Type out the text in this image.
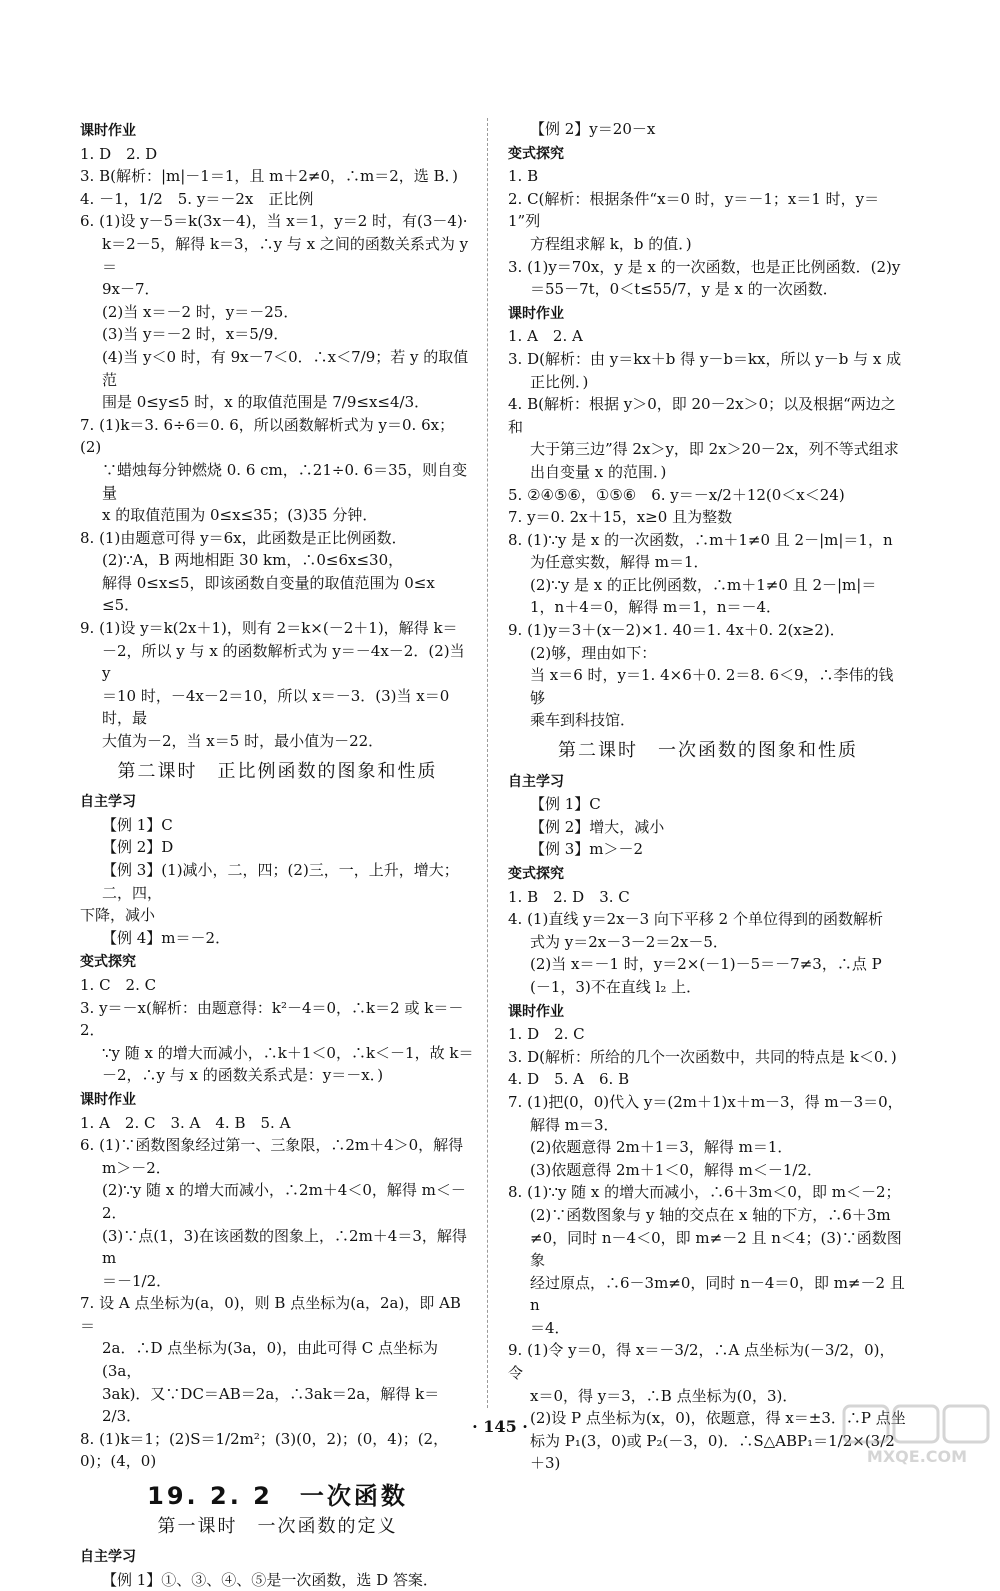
课时作业
1. D　2. D
3. B(解析：|m|－1＝1，且 m＋2≠0，∴m＝2，选 B．)
4. －1，1/2　5. y＝－2x　正比例
6. (1)设 y－5＝k(3x－4)，当 x＝1，y＝2 时，有(3－4)·
k＝2－5，解得 k＝3，∴y 与 x 之间的函数关系式为 y＝
9x－7．
(2)当 x＝－2 时，y＝－25．
(3)当 y＝－2 时，x＝5/9．
(4)当 y＜0 时，有 9x－7＜0．∴x＜7/9；若 y 的取值范
围是 0≤y≤5 时，x 的取值范围是 7/9≤x≤4/3．
7. (1)k＝3. 6÷6＝0. 6，所以函数解析式为 y＝0. 6x；(2)
∵蜡烛每分钟燃烧 0. 6 cm，∴21÷0. 6＝35，则自变量
x 的取值范围为 0≤x≤35；(3)35 分钟．
8. (1)由题意可得 y＝6x，此函数是正比例函数．
(2)∵A，B 两地相距 30 km，∴0≤6x≤30，
解得 0≤x≤5，即该函数自变量的取值范围为 0≤x
≤5．
9. (1)设 y＝k(2x＋1)，则有 2＝k×(－2＋1)，解得 k＝
－2，所以 y 与 x 的函数解析式为 y＝－4x－2．(2)当 y
＝10 时，－4x－2＝10，所以 x＝－3．(3)当 x＝0 时，最
大值为－2，当 x＝5 时，最小值为－22．
第二课时　正比例函数的图象和性质
自主学习
【例 1】C
【例 2】D
【例 3】(1)减小，二，四；(2)三，一，上升，增大；二，四，
下降，减小
【例 4】m＝－2．
变式探究
1. C　2. C
3. y＝－x(解析：由题意得：k²－4＝0，∴k＝2 或 k＝－2．
∵y 随 x 的增大而减小，∴k＋1＜0，∴k＜－1，故 k＝
－2，∴y 与 x 的函数关系式是：y＝－x．)
课时作业
1. A　2. C　3. A　4. B　5. A
6. (1)∵函数图象经过第一、三象限，∴2m＋4＞0，解得
m＞－2．
(2)∵y 随 x 的增大而减小，∴2m＋4＜0，解得 m＜－2．
(3)∵点(1，3)在该函数的图象上，∴2m＋4＝3，解得 m
＝－1/2．
7. 设 A 点坐标为(a，0)，则 B 点坐标为(a，2a)，即 AB＝
2a．∴D 点坐标为(3a，0)，由此可得 C 点坐标为(3a，
3ak)．又∵DC＝AB＝2a，∴3ak＝2a，解得 k＝2/3．
8. (1)k＝1；(2)S＝1/2m²；(3)(0，2)；(0，4)；(2，0)；(4，0)
19. 2. 2　一次函数
第一课时　一次函数的定义
自主学习
【例 1】①、③、④、⑤是一次函数，选 D 答案．
【例 2】y＝20－x
变式探究
1. B
2. C(解析：根据条件“x＝0 时，y＝－1；x＝1 时，y＝1”列
方程组求解 k，b 的值．)
3. (1)y＝70x，y 是 x 的一次函数，也是正比例函数．(2)y
＝55－7t，0＜t≤55/7，y 是 x 的一次函数．
课时作业
1. A　2. A
3. D(解析：由 y＝kx＋b 得 y－b＝kx，所以 y－b 与 x 成
正比例．)
4. B(解析：根据 y＞0，即 20－2x＞0；以及根据“两边之和
大于第三边”得 2x＞y，即 2x＞20－2x，列不等式组求
出自变量 x 的范围．)
5. ②④⑤⑥，①⑤⑥　6. y＝－x/2＋12(0＜x＜24)
7. y＝0. 2x＋15，x≥0 且为整数
8. (1)∵y 是 x 的一次函数，∴m＋1≠0 且 2－|m|＝1，n
为任意实数，解得 m＝1．
(2)∵y 是 x 的正比例函数，∴m＋1≠0 且 2－|m|＝
1，n＋4＝0，解得 m＝1，n＝－4．
9. (1)y＝3＋(x－2)×1. 40＝1. 4x＋0. 2(x≥2)．
(2)够，理由如下：
当 x＝6 时，y＝1. 4×6＋0. 2＝8. 6＜9，∴李伟的钱够
乘车到科技馆．
第二课时　一次函数的图象和性质
自主学习
【例 1】C
【例 2】增大，减小
【例 3】m＞－2
变式探究
1. B　2. D　3. C
4. (1)直线 y＝2x－3 向下平移 2 个单位得到的函数解析
式为 y＝2x－3－2＝2x－5．
(2)当 x＝－1 时，y＝2×(－1)－5＝－7≠3，∴点 P
(－1，3)不在直线 l₂ 上．
课时作业
1. D　2. C
3. D(解析：所给的几个一次函数中，共同的特点是 k＜0．)
4. D　5. A　6. B
7. (1)把(0，0)代入 y＝(2m＋1)x＋m－3，得 m－3＝0，
解得 m＝3．
(2)依题意得 2m＋1＝3，解得 m＝1．
(3)依题意得 2m＋1＜0，解得 m＜－1/2．
8. (1)∵y 随 x 的增大而减小，∴6＋3m＜0，即 m＜－2；
(2)∵函数图象与 y 轴的交点在 x 轴的下方，∴6＋3m
≠0，同时 n－4＜0，即 m≠－2 且 n＜4；(3)∵函数图象
经过原点，∴6－3m≠0，同时 n－4＝0，即 m≠－2 且 n
＝4．
9. (1)令 y＝0，得 x＝－3/2，∴A 点坐标为(－3/2，0)，令
x＝0，得 y＝3，∴B 点坐标为(0，3)．
(2)设 P 点坐标为(x，0)，依题意，得 x＝±3．∴P 点坐
标为 P₁(3，0)或 P₂(－3，0)．∴S△ABP₁＝1/2×(3/2＋3)
· 145 ·
MXQE.COM
